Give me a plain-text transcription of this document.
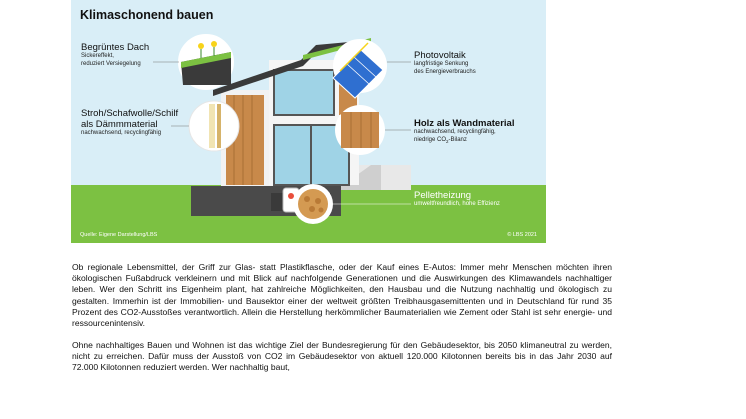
Klimaschonend bauen
Begrüntes Dach
Sickereffekt,
reduziert Versiegelung
Stroh/Schafwolle/Schilf
als Dämmmaterial
nachwachsend, recyclingfähig
Photovoltaik
langfristige Senkung
des Energieverbrauchs
Holz als Wandmaterial
nachwachsend, recyclingfähig,
niedrige $CO_2$-Bilanz
Pelletheizung
umweltfreundlich, hohe Effizienz
Quelle: Eigene Darstellung/LBS	© LBS 2021

Ob regionale Lebensmittel, der Griff zur Glas- statt Plastikflasche, oder der Kauf eines E-Autos: Immer mehr Menschen möchten ihren ökologischen Fußabdruck verkleinern und mit Blick auf nachfolgende Generationen und die Auswirkungen des Klimawandels nachhaltiger leben. Wer den Schritt ins Eigenheim plant, hat zahlreiche Möglichkeiten, den Hausbau und die Nutzung nachhaltig und ökologisch zu gestalten. Immerhin ist der Immobilien- und Bausektor einer der weltweit größten Treibhausgasemittenten und in Deutschland für rund 35 Prozent des CO2-Ausstoßes verantwortlich. Allein die Herstellung herkömmlicher Baumaterialien wie Zement oder Stahl ist sehr energie- und ressourcenintensiv.

Ohne nachhaltiges Bauen und Wohnen ist das wichtige Ziel der Bundesregierung für den Gebäudesektor, bis 2050 klimaneutral zu werden, nicht zu erreichen. Dafür muss der Ausstoß von CO2 im Gebäudesektor von aktuell 120.000 Kilotonnen bereits bis in das Jahr 2030 auf 72.000 Kilotonnen reduziert werden. Wer nachhaltig baut,
